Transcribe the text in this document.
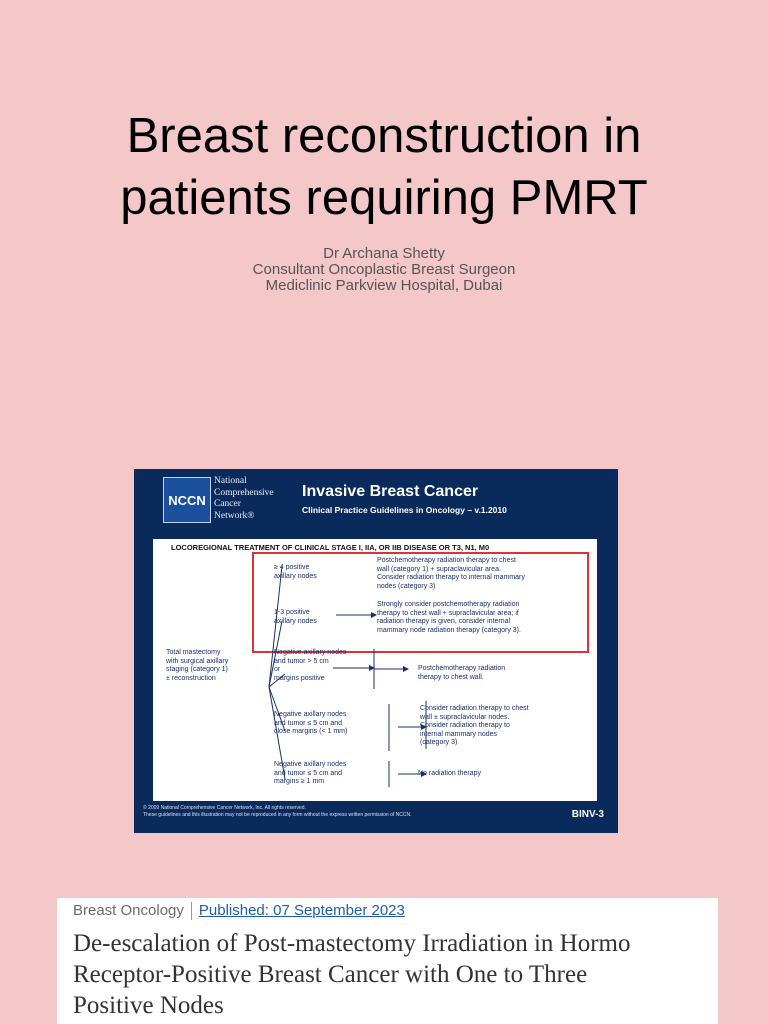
Breast reconstruction in
patients requiring PMRT
Dr Archana Shetty
Consultant Oncoplastic Breast Surgeon
Mediclinic Parkview Hospital, Dubai
NCCN
National
Comprehensive
Cancer
Network®
Invasive Breast Cancer
Clinical Practice Guidelines in Oncology – v.1.2010
LOCOREGIONAL TREATMENT OF CLINICAL STAGE I, IIA, OR IIB DISEASE OR T3, N1, M0
Total mastectomy
with surgical axillary
staging (category 1)
± reconstruction
≥ 4 positive
axillary nodes
Postchemotherapy radiation therapy to chest
wall (category 1) + supraclavicular area.
Consider radiation therapy to internal mammary
nodes (category 3)
1-3 positive
axillary nodes
Strongly consider postchemotherapy radiation
therapy to chest wall + supraclavicular area; if
radiation therapy is given, consider internal
mammary node radiation therapy (category 3).
Negative axillary nodes
and tumor > 5 cm
or
margins positive
Postchemotherapy radiation
therapy to chest wall.
Negative axillary nodes
and tumor ≤ 5 cm and
close margins (< 1 mm)
Consider radiation therapy to chest
wall ± supraclavicular nodes.
Consider radiation therapy to
internal mammary nodes
(category 3)
Negative axillary nodes
and tumor ≤ 5 cm and
margins ≥ 1 mm
No radiation therapy
© 2009 National Comprehensive Cancer Network, Inc. All rights reserved.
These guidelines and this illustration may not be reproduced in any form without the express written permission of NCCN.	BINV-3
Breast Oncology Published: 07 September 2023
De-escalation of Post-mastectomy Irradiation in Hormo
Receptor-Positive Breast Cancer with One to Three
Positive Nodes
